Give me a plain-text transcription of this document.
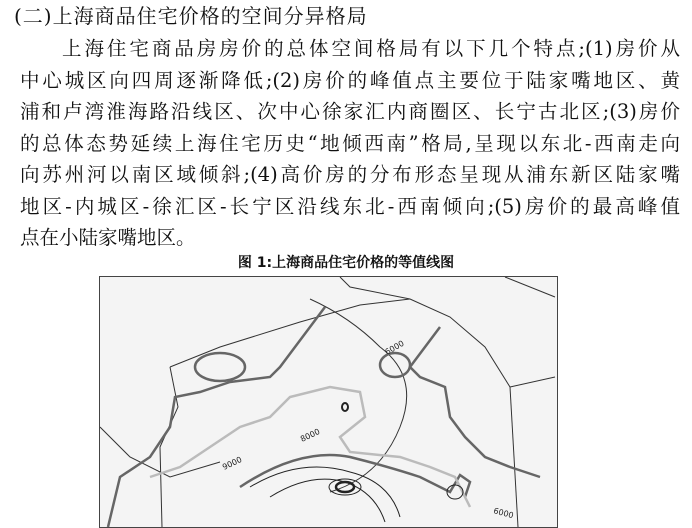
(二)上海商品住宅价格的空间分异格局
上海住宅商品房房价的总体空间格局有以下几个特点;(1)房价从
中心城区向四周逐渐降低;(2)房价的峰值点主要位于陆家嘴地区、黄
浦和卢湾淮海路沿线区、次中心徐家汇内商圈区、长宁古北区;(3)房价
的总体态势延续上海住宅历史“地倾西南”格局,呈现以东北-西南走向
向苏州河以南区域倾斜;(4)高价房的分布形态呈现从浦东新区陆家嘴
地区-内城区-徐汇区-长宁区沿线东北-西南倾向;(5)房价的最高峰值
点在小陆家嘴地区。
图 1:上海商品住宅价格的等值线图
6000
8000
9000
6000
